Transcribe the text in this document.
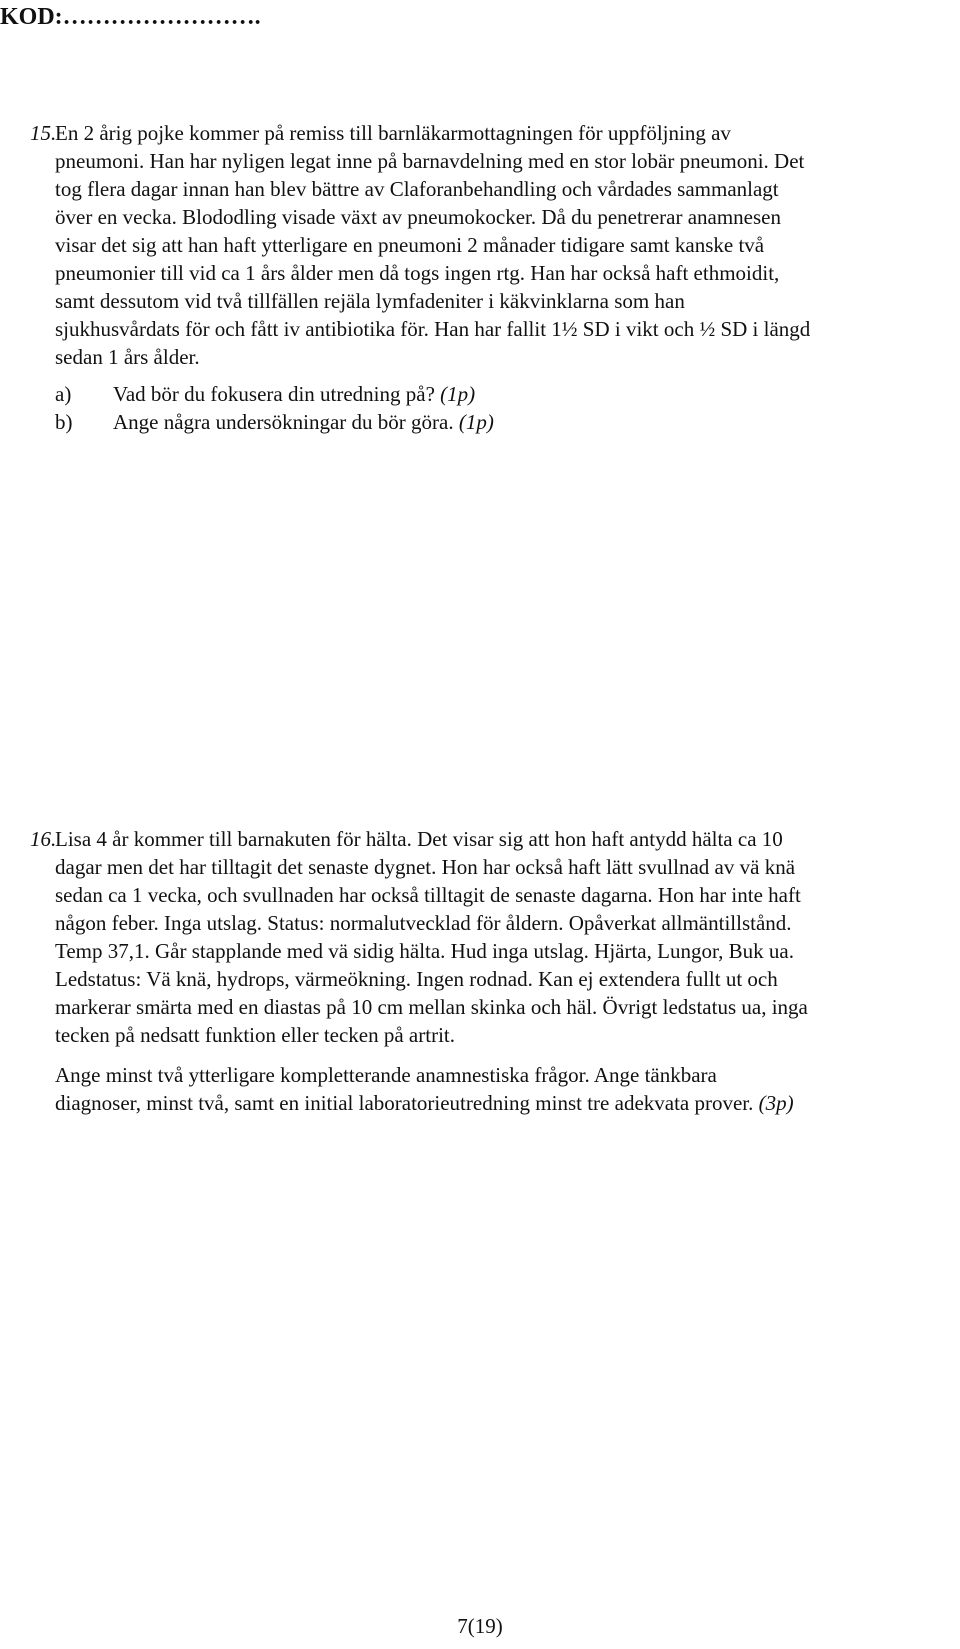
KOD:…………………….
15.
En 2 årig pojke kommer på remiss till barnläkarmottagningen för uppföljning av
pneumoni. Han har nyligen legat inne på barnavdelning med en stor lobär pneumoni. Det
tog flera dagar innan han blev bättre av Claforanbehandling och vårdades sammanlagt
över en vecka. Blododling visade växt av pneumokocker. Då du penetrerar anamnesen
visar det sig att han haft ytterligare en pneumoni 2 månader tidigare samt kanske två
pneumonier till vid ca 1 års ålder men då togs ingen rtg. Han har också haft ethmoidit,
samt dessutom vid två tillfällen rejäla lymfadeniter i käkvinklarna som han
sjukhusvårdats för och fått iv antibiotika för. Han har fallit 1½ SD i vikt och ½ SD i längd
sedan 1 års ålder.
a) Vad bör du fokusera din utredning på? (1p)
b) Ange några undersökningar du bör göra. (1p)
16.
Lisa 4 år kommer till barnakuten för hälta. Det visar sig att hon haft antydd hälta ca 10
dagar men det har tilltagit det senaste dygnet. Hon har också haft lätt svullnad av vä knä
sedan ca 1 vecka, och svullnaden har också tilltagit de senaste dagarna. Hon har inte haft
någon feber. Inga utslag. Status: normalutvecklad för åldern. Opåverkat allmäntillstånd.
Temp 37,1. Går stapplande med vä sidig hälta. Hud inga utslag. Hjärta, Lungor, Buk ua.
Ledstatus: Vä knä, hydrops, värmeökning. Ingen rodnad. Kan ej extendera fullt ut och
markerar smärta med en diastas på 10 cm mellan skinka och häl. Övrigt ledstatus ua, inga
tecken på nedsatt funktion eller tecken på artrit.
Ange minst två ytterligare kompletterande anamnestiska frågor. Ange tänkbara
diagnoser, minst två, samt en initial laboratorieutredning minst tre adekvata prover. (3p)
7(19)
